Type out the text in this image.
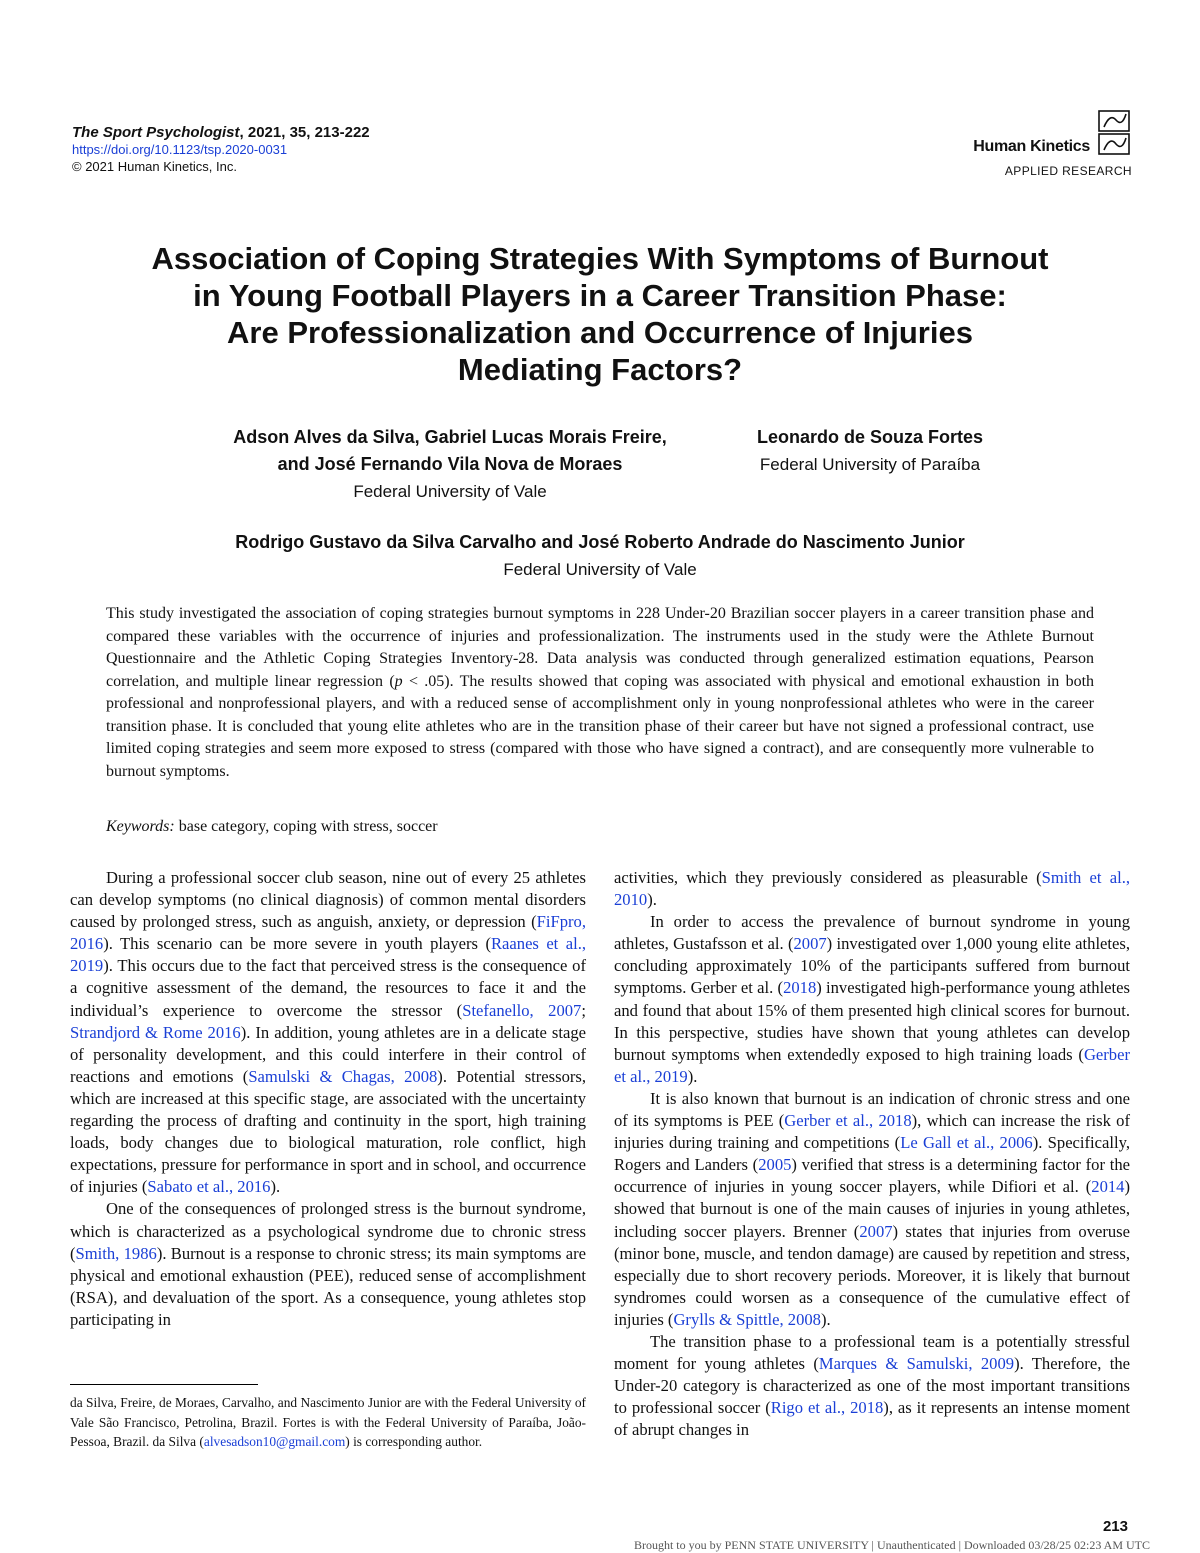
The Sport Psychologist, 2021, 35, 213-222
https://doi.org/10.1123/tsp.2020-0031
© 2021 Human Kinetics, Inc.
Human Kinetics
APPLIED RESEARCH
Association of Coping Strategies With Symptoms of Burnout
in Young Football Players in a Career Transition Phase:
Are Professionalization and Occurrence of Injuries
Mediating Factors?
Adson Alves da Silva, Gabriel Lucas Morais Freire,
and José Fernando Vila Nova de Moraes
Federal University of Vale
Leonardo de Souza Fortes
Federal University of Paraíba
Rodrigo Gustavo da Silva Carvalho and José Roberto Andrade do Nascimento Junior
Federal University of Vale
This study investigated the association of coping strategies burnout symptoms in 228 Under-20 Brazilian soccer players in a career transition phase and compared these variables with the occurrence of injuries and professionalization. The instruments used in the study were the Athlete Burnout Questionnaire and the Athletic Coping Strategies Inventory-28. Data analysis was conducted through generalized estimation equations, Pearson correlation, and multiple linear regression (p < .05). The results showed that coping was associated with physical and emotional exhaustion in both professional and nonprofessional players, and with a reduced sense of accomplishment only in young nonprofessional athletes who were in the career transition phase. It is concluded that young elite athletes who are in the transition phase of their career but have not signed a professional contract, use limited coping strategies and seem more exposed to stress (compared with those who have signed a contract), and are consequently more vulnerable to burnout symptoms.
Keywords: base category, coping with stress, soccer

During a professional soccer club season, nine out of every 25 athletes can develop symptoms (no clinical diagnosis) of common mental disorders caused by prolonged stress, such as anguish, anxiety, or depression (FiFpro, 2016). This scenario can be more severe in youth players (Raanes et al., 2019). This occurs due to the fact that perceived stress is the consequence of a cognitive assessment of the demand, the resources to face it and the individual’s experience to overcome the stressor (Stefanello, 2007; Strandjord & Rome 2016). In addition, young athletes are in a delicate stage of personality development, and this could interfere in their control of reactions and emotions (Samulski & Chagas, 2008). Potential stressors, which are increased at this specific stage, are associated with the uncertainty regarding the process of drafting and continuity in the sport, high training loads, body changes due to biological maturation, role conflict, high expectations, pressure for performance in sport and in school, and occurrence of injuries (Sabato et al., 2016).

One of the consequences of prolonged stress is the burnout syndrome, which is characterized as a psychological syndrome due to chronic stress (Smith, 1986). Burnout is a response to chronic stress; its main symptoms are physical and emotional exhaustion (PEE), reduced sense of accomplishment (RSA), and devaluation of the sport. As a consequence, young athletes stop participating in

activities, which they previously considered as pleasurable (Smith et al., 2010).

In order to access the prevalence of burnout syndrome in young athletes, Gustafsson et al. (2007) investigated over 1,000 young elite athletes, concluding approximately 10% of the participants suffered from burnout symptoms. Gerber et al. (2018) investigated high-performance young athletes and found that about 15% of them presented high clinical scores for burnout. In this perspective, studies have shown that young athletes can develop burnout symptoms when extendedly exposed to high training loads (Gerber et al., 2019).

It is also known that burnout is an indication of chronic stress and one of its symptoms is PEE (Gerber et al., 2018), which can increase the risk of injuries during training and competitions (Le Gall et al., 2006). Specifically, Rogers and Landers (2005) verified that stress is a determining factor for the occurrence of injuries in young soccer players, while Difiori et al. (2014) showed that burnout is one of the main causes of injuries in young athletes, including soccer players. Brenner (2007) states that injuries from overuse (minor bone, muscle, and tendon damage) are caused by repetition and stress, especially due to short recovery periods. Moreover, it is likely that burnout syndromes could worsen as a consequence of the cumulative effect of injuries (Grylls & Spittle, 2008).

The transition phase to a professional team is a potentially stressful moment for young athletes (Marques & Samulski, 2009). Therefore, the Under-20 category is characterized as one of the most important transitions to professional soccer (Rigo et al., 2018), as it represents an intense moment of abrupt changes in

da Silva, Freire, de Moraes, Carvalho, and Nascimento Junior are with the Federal University of Vale São Francisco, Petrolina, Brazil. Fortes is with the Federal University of Paraíba, João-Pessoa, Brazil. da Silva (alvesadson10@gmail.com) is corresponding author.
213
Brought to you by PENN STATE UNIVERSITY | Unauthenticated | Downloaded 03/28/25 02:23 AM UTC
